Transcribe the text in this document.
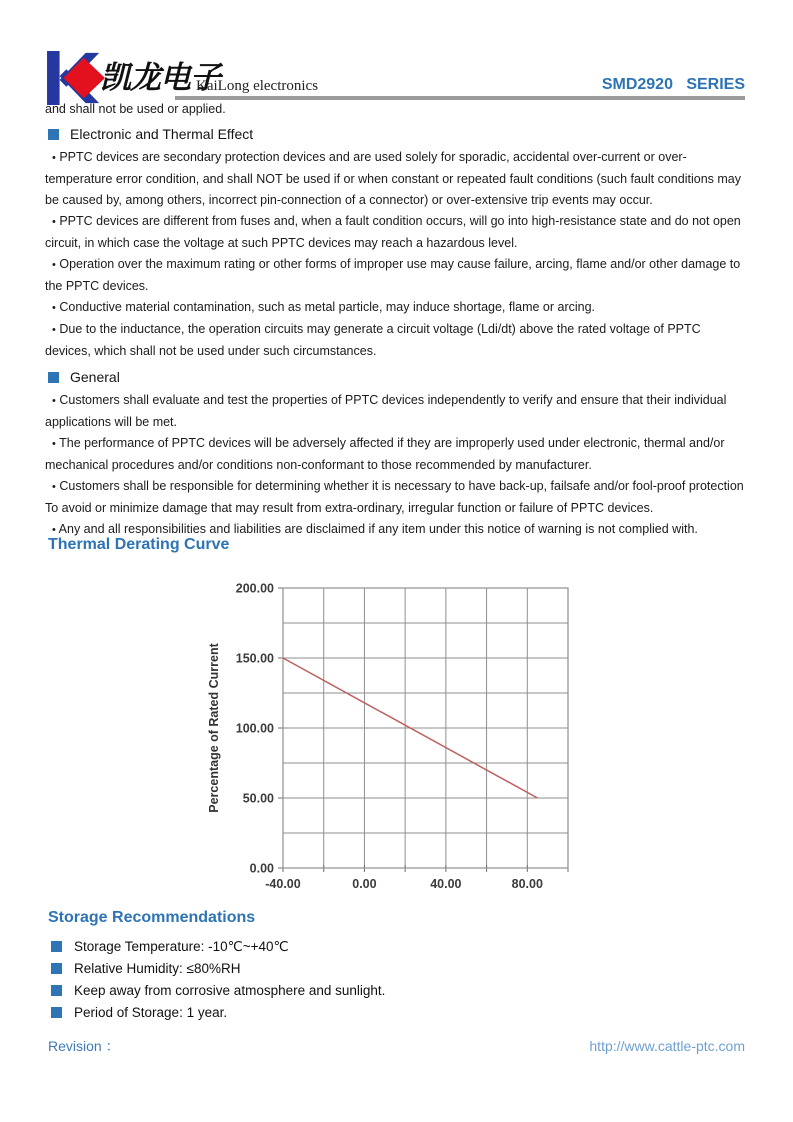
凯龙电子
KaiLong electronics	SMD2920   SERIES

and shall not be used or applied.

Electronic and Thermal Effect

• PPTC devices are secondary protection devices and are used solely for sporadic, accidental over-current or over-temperature error condition, and shall NOT be used if or when constant or repeated fault conditions (such fault conditions may be caused by, among others, incorrect pin-connection of a connector) or over-extensive trip events may occur.

• PPTC devices are different from fuses and, when a fault condition occurs, will go into high-resistance state and do not open circuit, in which case the voltage at such PPTC devices may reach a hazardous level.

• Operation over the maximum rating or other forms of improper use may cause failure, arcing, flame and/or other damage to the PPTC devices.

• Conductive material contamination, such as metal particle, may induce shortage, flame or arcing.

• Due to the inductance, the operation circuits may generate a circuit voltage (Ldi/dt) above the rated voltage of PPTC devices, which shall not be used under such circumstances.

General

• Customers shall evaluate and test the properties of PPTC devices independently to verify and ensure that their individual applications will be met.

• The performance of PPTC devices will be adversely affected if they are improperly used under electronic, thermal and/or mechanical procedures and/or conditions non-conformant to those recommended by manufacturer.

• Customers shall be responsible for determining whether it is necessary to have back-up, failsafe and/or fool-proof protection To avoid or minimize damage that may result from extra-ordinary, irregular function or failure of PPTC devices.

• Any and all responsibilities and liabilities are disclaimed if any item under this notice of warning is not complied with.

Thermal Derating Curve
0.00
50.00
100.00
150.00
200.00
-40.00	0.00	40.00	80.00
Percentage of Rated Current

Storage Recommendations

Storage Temperature: -10℃~+40℃
Relative Humidity: ≤80%RH
Keep away from corrosive atmosphere and sunlight.
Period of Storage: 1 year.
Revision ：	http://www.cattle-ptc.com
